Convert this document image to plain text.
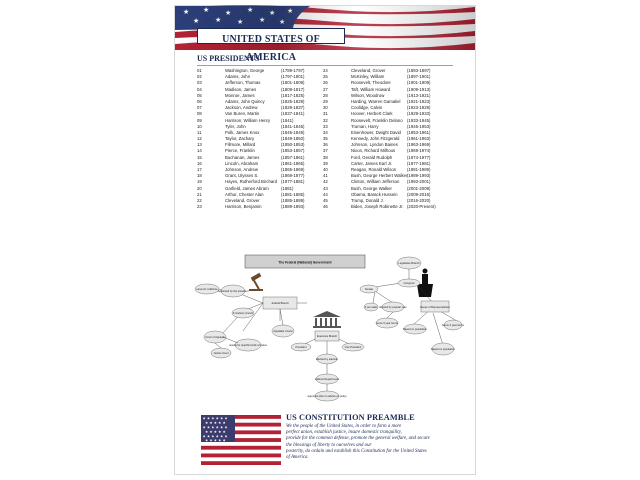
UNITED STATES OF AMERICA
US PRESIDENTS
01	Washington, George	(1789-1797)
02	Adams, John	(1797-1801)
03	Jefferson, Thomas	(1801-1809)
04	Madison, James	(1809-1817)
05	Monroe, James	(1817-1825)
06	Adams, John Quincy	(1825-1829)
07	Jackson, Andrew	(1829-1837)
08	Van Buren, Martin	(1837-1841)
09	Harrison, William Henry	(1841)
10	Tyler, John	(1841-1845)
11	Polk, James Knox	(1845-1849)
12	Taylor, Zachary	(1849-1850)
13	Fillmore, Millard	(1850-1853)
14	Pierce, Franklin	(1853-1857)
15	Buchanan, James	(1857-1861)
16	Lincoln, Abraham	(1861-1865)
17	Johnson, Andrew	(1865-1869)
18	Grant, Ulysses S.	(1869-1877)
19	Hayes, Rutherford Birchard (1877-1881)
20	Garfield, James Abram	(1881)
21	Arthur, Chester Alan	(1881-1885)
22	Cleveland, Grover	(1885-1889)
23	Harrison, Benjamin	(1889-1893)
24	Cleveland, Grover	(1893-1897)
25	McKinley, William	(1897-1901)
26	Roosevelt, Theodore	(1901-1909)
27	Taft, William Howard	(1909-1913)
28	Wilson, Woodrow	(1913-1921)
29	Harding, Warren Gamaliel (1921-1923)
30	Coolidge, Calvin	(1923-1929)
31	Hoover, Herbert Clark	(1929-1933)
32	Roosevelt, Franklin Delano (1933-1945)
33	Truman, Harry	(1945-1953)
34	Eisenhower, Dwight David (1953-1961)
35	Kennedy, John Fitzgerald (1961-1963)
36	Johnson, Lyndon Baines (1963-1969)
37	Nixon, Richard Milhous	(1969-1974)
38	Ford, Gerald Rudolph	(1974-1977)
39	Carter, James Earl Jr.	(1977-1981)
40	Reagan, Ronald Wilson	(1981-1989)
41	Bush, George Herbert Walker (1989-1993)
42	Clinton, William Jefferson (1993-2001)
43	Bush, George Walker	(2001-2009)
44	Obama, Barack Hussein (2009-2016)
45	Trump, Donald J.	(2016-2020)
46	Biden, Joseph Robinette Jr. (2020-Present)
The Federal (National) Government
Judicial Branch
serve for a lifetime
Appointed by the president
9 Justices (Court)
Court of Appeals
Appellate Courts
Justice Court
results for specific kinds of cases
Executive Branch
President	Vice President
Elected by electors
Cabinet Departments
Agencies often to advise on policy
Legislative Branch
Congress
Senate
House of Representatives
2 per state Elected by popular vote
serve 6 year terms
Based on population
Serve 2 year terms
Based on population
★ ★ ★ ★ ★ ★
★ ★ ★ ★ ★
★ ★ ★ ★ ★ ★
★ ★ ★ ★ ★
★ ★ ★ ★ ★ ★
★ ★ ★ ★ ★
US CONSTITUTION PREAMBLE
We the people of the United States, in order to form a more
perfect union, establish justice, insure domestic tranquility,
provide for the common defense, promote the general welfare, and secure
the blessings of liberty to ourselves and our
posterity, do ordain and establish this Constitution for the United States
of America.
